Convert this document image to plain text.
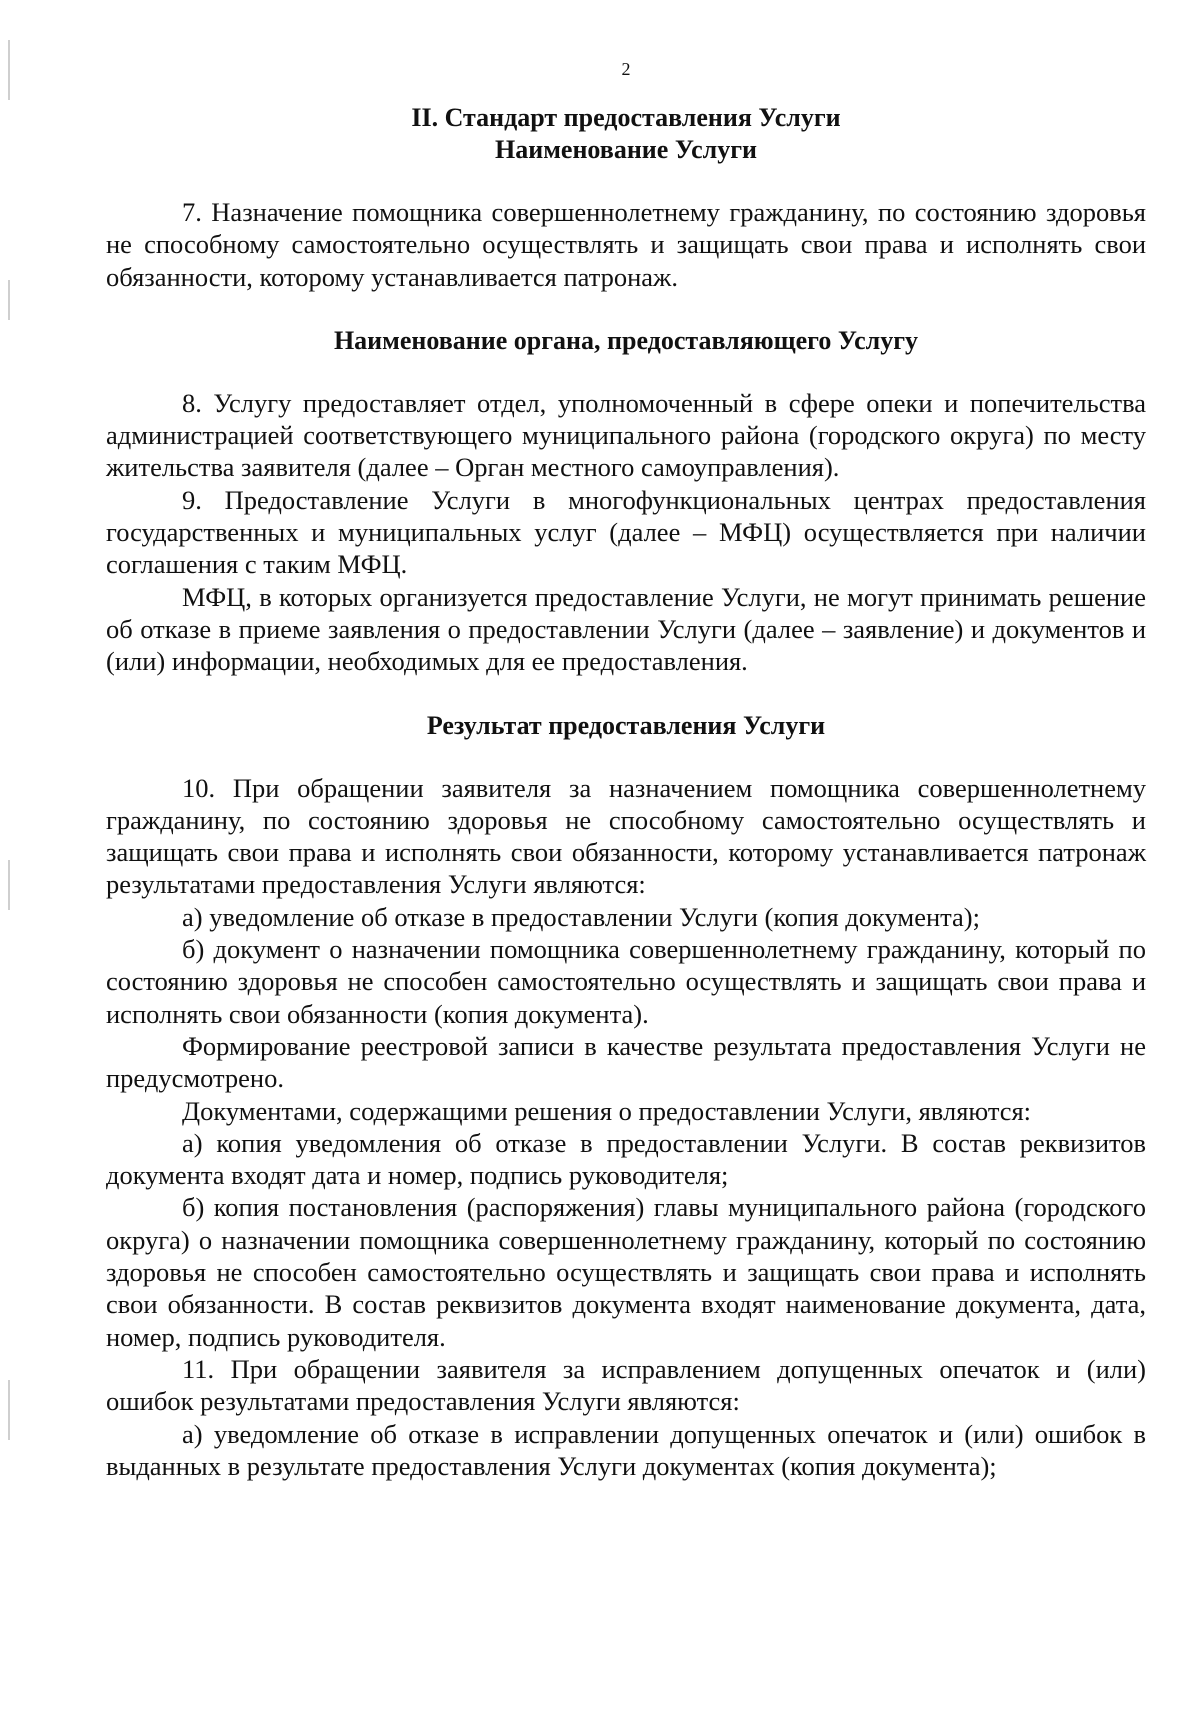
2
II. Стандарт предоставления Услуги
Наименование Услуги

7. Назначение помощника совершеннолетнему гражданину, по состоянию здоровья не способному самостоятельно осуществлять и защищать свои права и исполнять свои обязанности, которому устанавливается патронаж.

Наименование органа, предоставляющего Услугу

8. Услугу предоставляет отдел, уполномоченный в сфере опеки и попечительства администрацией соответствующего муниципального района (городского округа) по месту жительства заявителя (далее – Орган местного самоуправления).

9. Предоставление Услуги в многофункциональных центрах предоставления государственных и муниципальных услуг (далее – МФЦ) осуществляется при наличии соглашения с таким МФЦ.

МФЦ, в которых организуется предоставление Услуги, не могут принимать решение об отказе в приеме заявления о предоставлении Услуги (далее – заявление) и документов и (или) информации, необходимых для ее предоставления.

Результат предоставления Услуги

10. При обращении заявителя за назначением помощника совершеннолетнему гражданину, по состоянию здоровья не способному самостоятельно осуществлять и защищать свои права и исполнять свои обязанности, которому устанавливается патронаж результатами предоставления Услуги являются:

а) уведомление об отказе в предоставлении Услуги (копия документа);

б) документ о назначении помощника совершеннолетнему гражданину, который по состоянию здоровья не способен самостоятельно осуществлять и защищать свои права и исполнять свои обязанности (копия документа).

Формирование реестровой записи в качестве результата предоставления Услуги не предусмотрено.

Документами, содержащими решения о предоставлении Услуги, являются:

а) копия уведомления об отказе в предоставлении Услуги. В состав реквизитов документа входят дата и номер, подпись руководителя;

б) копия постановления (распоряжения) главы муниципального района (городского округа) о назначении помощника совершеннолетнему гражданину, который по состоянию здоровья не способен самостоятельно осуществлять и защищать свои права и исполнять свои обязанности. В состав реквизитов документа входят наименование документа, дата, номер, подпись руководителя.

11. При обращении заявителя за исправлением допущенных опечаток и (или) ошибок результатами предоставления Услуги являются:

а) уведомление об отказе в исправлении допущенных опечаток и (или) ошибок в выданных в результате предоставления Услуги документах (копия документа);
